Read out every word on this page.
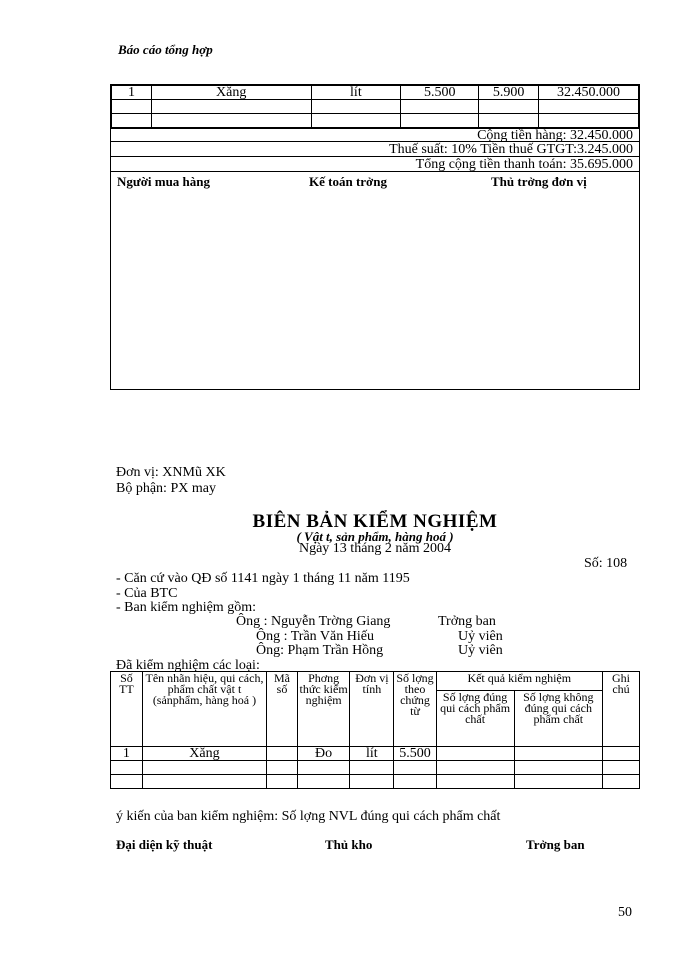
Báo cáo tổng hợp
1	Xăng	lít	5.500	5.900	32.450.000

Cộng tiền hàng: 32.450.000
Thuế suất: 10% Tiền thuế GTGT:3.245.000
Tổng cộng tiền thanh toán: 35.695.000
Người mua hàng	Kế toán trởng	Thủ trởng đơn vị
Đơn vị: XNMũ XK
Bộ phận: PX may
BIÊN BẢN KIỂM NGHIỆM
( Vật t, sản phẩm, hàng hoá )
Ngày 13 tháng 2 năm 2004
Số: 108
- Căn cứ vào QĐ số 1141 ngày 1 tháng 11 năm 1195
- Của BTC
- Ban kiểm nghiệm gồm:
Ông : Nguyễn Trờng Giang	Trởng ban
Ông : Trần Văn Hiếu	Uỷ viên
Ông: Phạm Trần Hồng	Uỷ viên
Đã kiểm nghiệm các loại:
Số TT	Tên nhãn hiệu, qui cách, phẩm chất vật t (sảnphẩm, hàng hoá )	Mã số	Phơng thức kiểm nghiệm	Đơn vị tính	Số lợng theo chứng từ	Kết quả kiểm nghiệm		Ghi chú
						Số lợng đúng qui cách phẩm chất	Số lợng không đúng qui cách phẩm chất	
1	Xăng		Đo	lít	5.500			

ý kiến của ban kiểm nghiệm: Số lợng NVL đúng qui cách phẩm chất
Đại diện kỹ thuật	Thủ kho	Trởng ban
50
